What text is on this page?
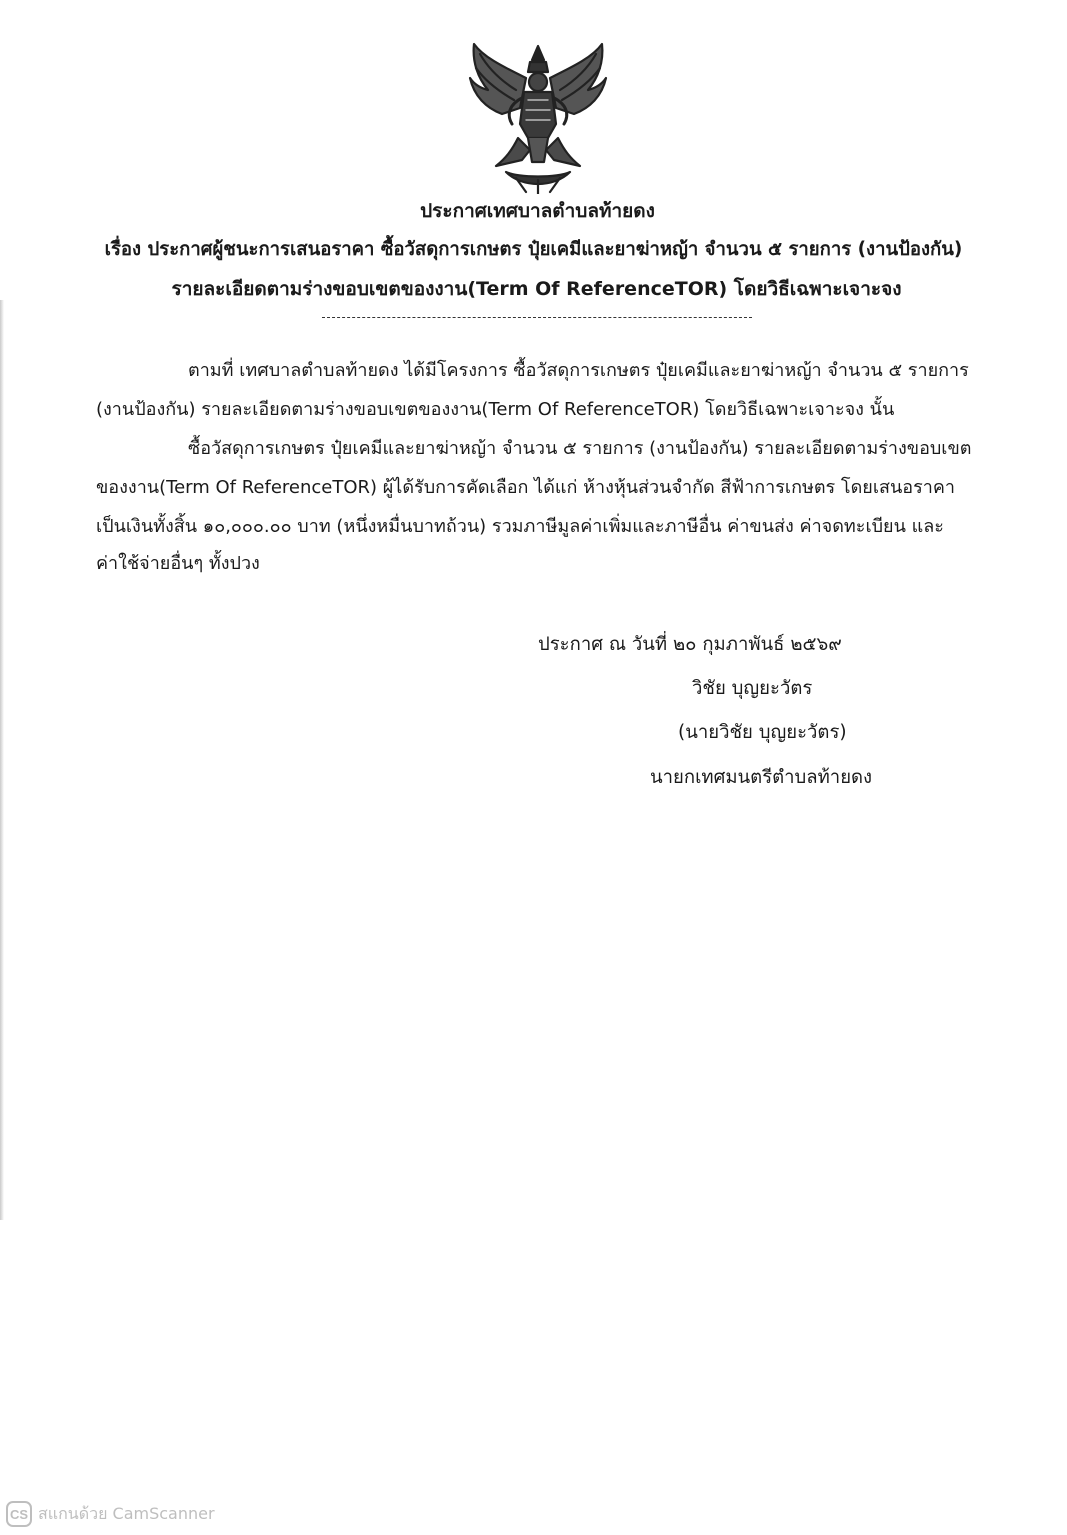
ประกาศเทศบาลตำบลท้ายดง
เรื่อง ประกาศผู้ชนะการเสนอราคา ซื้อวัสดุการเกษตร ปุ๋ยเคมีและยาฆ่าหญ้า จำนวน ๕ รายการ (งานป้องกัน)
รายละเอียดตามร่างขอบเขตของงาน(Term Of ReferenceTOR) โดยวิธีเฉพาะเจาะจง
ตามที่ เทศบาลตำบลท้ายดง ได้มีโครงการ ซื้อวัสดุการเกษตร ปุ๋ยเคมีและยาฆ่าหญ้า จำนวน ๕ รายการ
(งานป้องกัน) รายละเอียดตามร่างขอบเขตของงาน(Term Of ReferenceTOR) โดยวิธีเฉพาะเจาะจง นั้น
ซื้อวัสดุการเกษตร ปุ๋ยเคมีและยาฆ่าหญ้า จำนวน ๕ รายการ (งานป้องกัน) รายละเอียดตามร่างขอบเขต
ของงาน(Term Of ReferenceTOR) ผู้ได้รับการคัดเลือก ได้แก่ ห้างหุ้นส่วนจำกัด สีฟ้าการเกษตร โดยเสนอราคา
เป็นเงินทั้งสิ้น ๑๐,๐๐๐.๐๐ บาท (หนึ่งหมื่นบาทถ้วน) รวมภาษีมูลค่าเพิ่มและภาษีอื่น ค่าขนส่ง ค่าจดทะเบียน และ
ค่าใช้จ่ายอื่นๆ ทั้งปวง
ประกาศ ณ วันที่ ๒๐ กุมภาพันธ์ ๒๕๖๙
วิชัย บุญยะวัตร
(นายวิชัย บุญยะวัตร)
นายกเทศมนตรีตำบลท้ายดง
CS สแกนด้วย CamScanner
